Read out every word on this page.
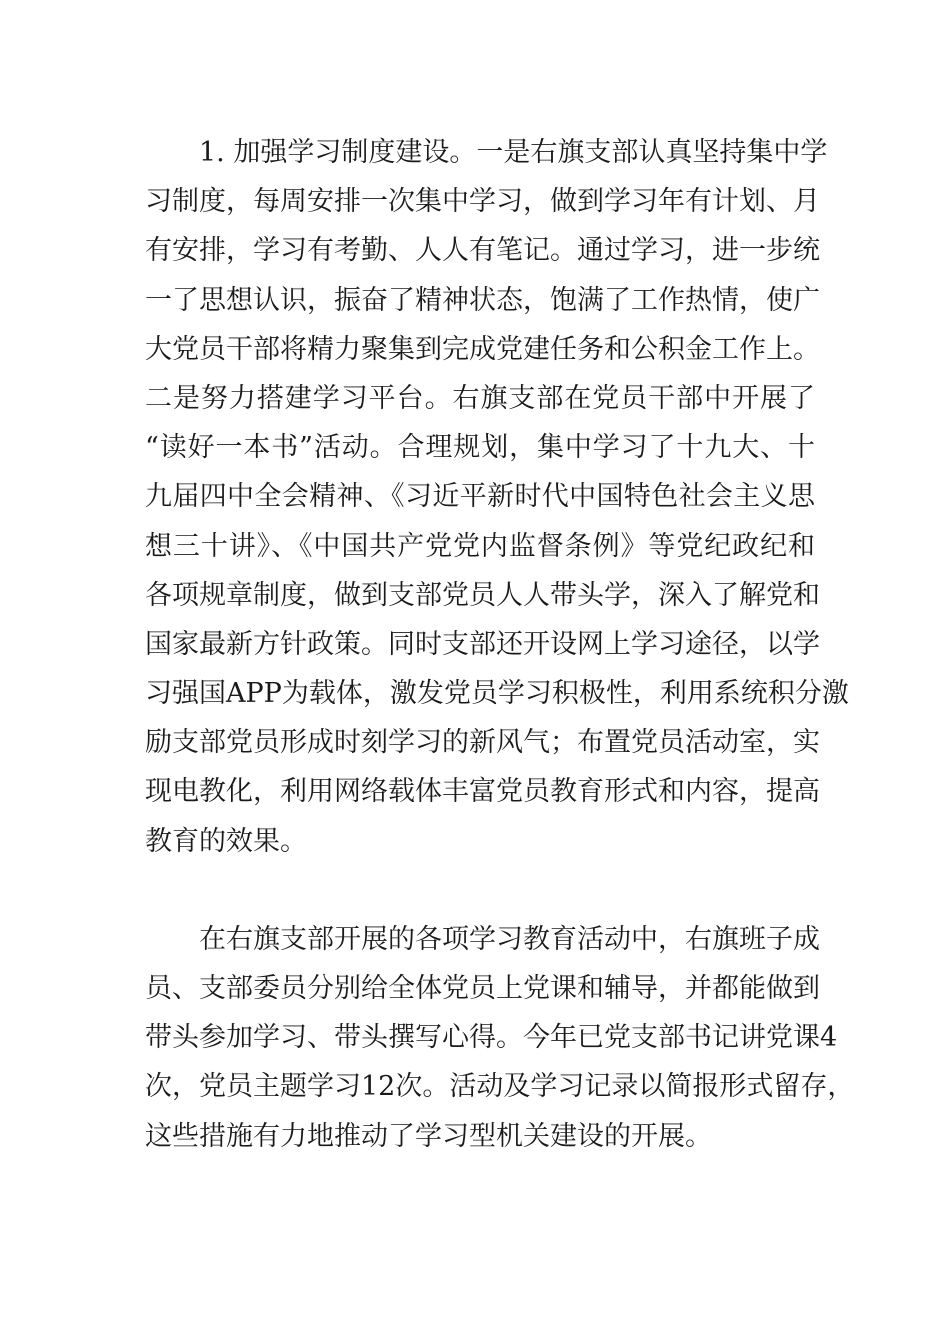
1. 加强学习制度建设。一是右旗支部认真坚持集中学
习制度，每周安排一次集中学习，做到学习年有计划、月
有安排，学习有考勤、人人有笔记。通过学习，进一步统
一了思想认识，振奋了精神状态，饱满了工作热情，使广
大党员干部将精力聚集到完成党建任务和公积金工作上。
二是努力搭建学习平台。右旗支部在党员干部中开展了
“读好一本书”活动。合理规划，集中学习了十九大、十
九届四中全会精神、《习近平新时代中国特色社会主义思
想三十讲》、《中国共产党党内监督条例》等党纪政纪和
各项规章制度，做到支部党员人人带头学，深入了解党和
国家最新方针政策。同时支部还开设网上学习途径，以学
习强国APP为载体，激发党员学习积极性，利用系统积分激
励支部党员形成时刻学习的新风气；布置党员活动室，实
现电教化，利用网络载体丰富党员教育形式和内容，提高
教育的效果。

在右旗支部开展的各项学习教育活动中，右旗班子成
员、支部委员分别给全体党员上党课和辅导，并都能做到
带头参加学习、带头撰写心得。今年已党支部书记讲党课4
次，党员主题学习12次。活动及学习记录以简报形式留存，
这些措施有力地推动了学习型机关建设的开展。
